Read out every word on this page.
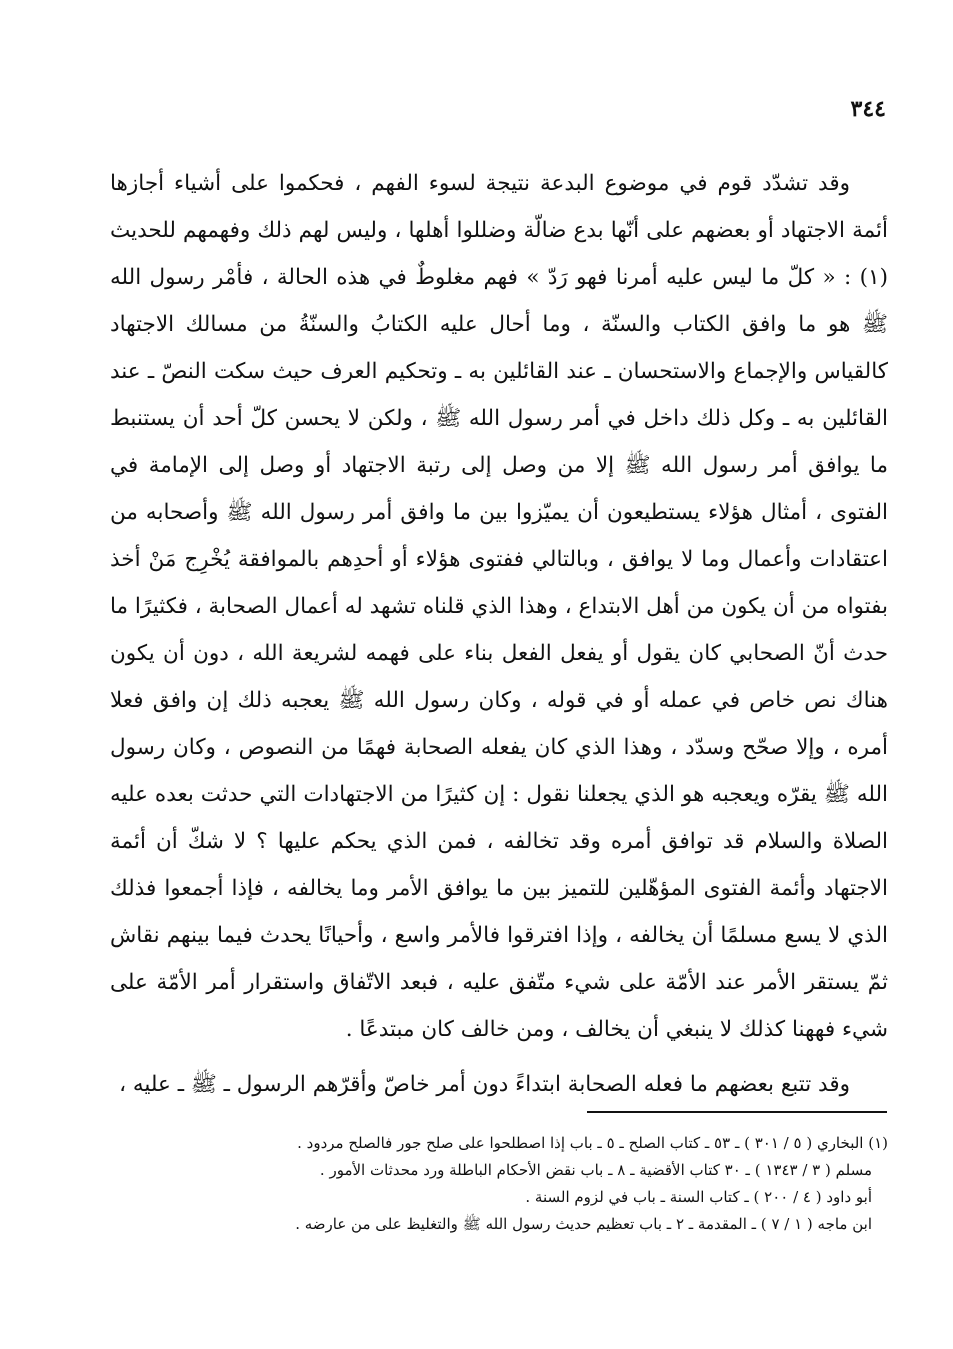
٣٤٤

وقد تشدّد قوم في موضوع البدعة نتيجة لسوء الفهم ، فحكموا على أشياء أجازها أئمة الاجتهاد أو بعضهم على أنّها بدع ضالّة وضللوا أهلها ، وليس لهم ذلك وفهمهم للحديث (١) : « كلّ ما ليس عليه أمرنا فهو رَدّ » فهم مغلوطٌ في هذه الحالة ، فأمْر رسول الله ﷺ هو ما وافق الكتاب والسنّة ، وما أحال عليه الكتابُ والسنّةُ من مسالك الاجتهاد كالقياس والإجماع والاستحسان ـ عند القائلين به ـ وتحكيم العرف حيث سكت النصّ ـ عند القائلين به ـ وكل ذلك داخل في أمر رسول الله ﷺ ، ولكن لا يحسن كلّ أحد أن يستنبط ما يوافق أمر رسول الله ﷺ إلا من وصل إلى رتبة الاجتهاد أو وصل إلى الإمامة في الفتوى ، أمثال هؤلاء يستطيعون أن يميّزوا بين ما وافق أمر رسول الله ﷺ وأصحابه من اعتقادات وأعمال وما لا يوافق ، وبالتالي ففتوى هؤلاء أو أحدِهم بالموافقة يُخْرِج مَنْ أخذ بفتواه من أن يكون من أهل الابتداع ، وهذا الذي قلناه تشهد له أعمال الصحابة ، فكثيرًا ما حدث أنّ الصحابي كان يقول أو يفعل الفعل بناء على فهمه لشريعة الله ، دون أن يكون هناك نص خاص في عمله أو في قوله ، وكان رسول الله ﷺ يعجبه ذلك إن وافق فعلا أمره ، وإلا صحّح وسدّد ، وهذا الذي كان يفعله الصحابة فهمًا من النصوص ، وكان رسول الله ﷺ يقرّه ويعجبه هو الذي يجعلنا نقول : إن كثيرًا من الاجتهادات التي حدثت بعده عليه الصلاة والسلام قد توافق أمره وقد تخالفه ، فمن الذي يحكم عليها ؟ لا شكّ أن أئمة الاجتهاد وأئمة الفتوى المؤهّلين للتميز بين ما يوافق الأمر وما يخالفه ، فإذا أجمعوا فذلك الذي لا يسع مسلمًا أن يخالفه ، وإذا افترقوا فالأمر واسع ، وأحيانًا يحدث فيما بينهم نقاش ثمّ يستقر الأمر عند الأمّة على شيء متّفق عليه ، فبعد الاتّفاق واستقرار أمر الأمّة على شيء فههنا كذلك لا ينبغي أن يخالف ، ومن خالف كان مبتدعًا .

وقد تتبع بعضهم ما فعله الصحابة ابتداءً دون أمر خاصّ وأقرّهم الرسول ـ ﷺ ـ عليه ،

(١) البخاري ( ٥ / ٣٠١ ) ـ ٥٣ ـ كتاب الصلح ـ ٥ ـ باب إذا اصطلحوا على صلح جور فالصلح مردود .
مسلم ( ٣ / ١٣٤٣ ) ـ ٣٠ كتاب الأقضية ـ ٨ ـ باب نقض الأحكام الباطلة ورد محدثات الأمور .
أبو داود ( ٤ / ٢٠٠ ) ـ كتاب السنة ـ باب في لزوم السنة .
ابن ماجه ( ١ / ٧ ) ـ المقدمة ـ ٢ ـ باب تعظيم حديث رسول الله ﷺ والتغليظ على من عارضه .
